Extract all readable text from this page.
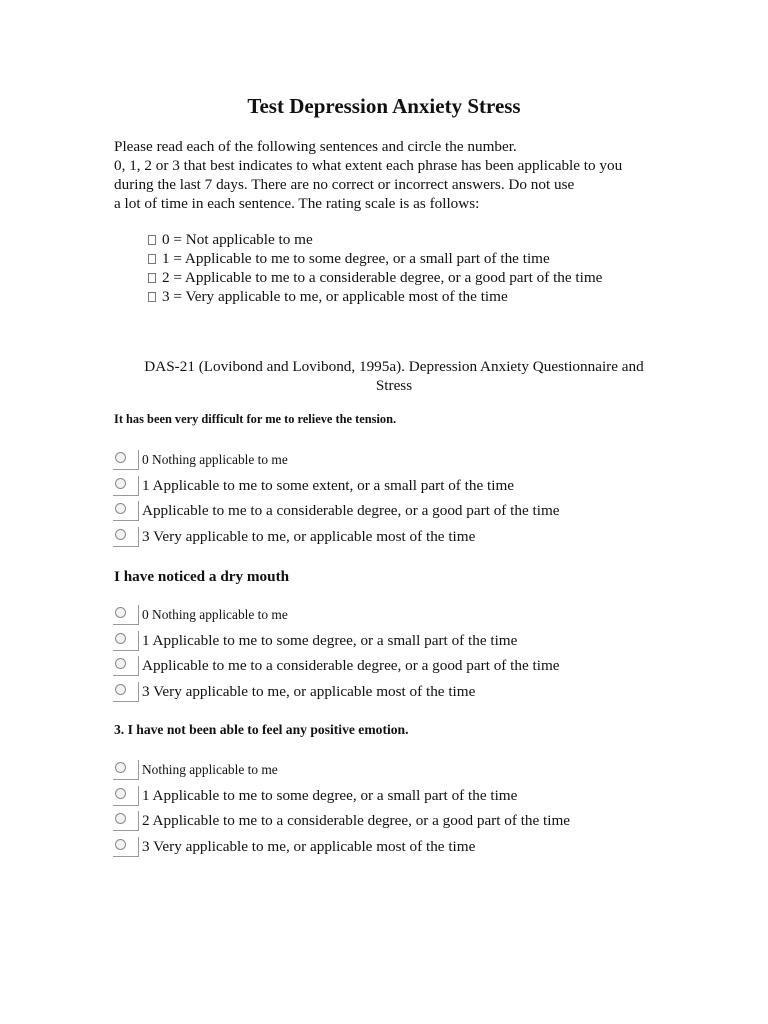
Test Depression Anxiety Stress
Please read each of the following sentences and circle the number.
0, 1, 2 or 3 that best indicates to what extent each phrase has been applicable to you
during the last 7 days. There are no correct or incorrect answers. Do not use
a lot of time in each sentence. The rating scale is as follows:
0 = Not applicable to me
1 = Applicable to me to some degree, or a small part of the time
2 = Applicable to me to a considerable degree, or a good part of the time
3 = Very applicable to me, or applicable most of the time
DAS-21 (Lovibond and Lovibond, 1995a). Depression Anxiety Questionnaire and
Stress
It has been very difficult for me to relieve the tension.
0 Nothing applicable to me
1 Applicable to me to some extent, or a small part of the time
Applicable to me to a considerable degree, or a good part of the time
3 Very applicable to me, or applicable most of the time
I have noticed a dry mouth
0 Nothing applicable to me
1 Applicable to me to some degree, or a small part of the time
Applicable to me to a considerable degree, or a good part of the time
3 Very applicable to me, or applicable most of the time
3. I have not been able to feel any positive emotion.
Nothing applicable to me
1 Applicable to me to some degree, or a small part of the time
2 Applicable to me to a considerable degree, or a good part of the time
3 Very applicable to me, or applicable most of the time
